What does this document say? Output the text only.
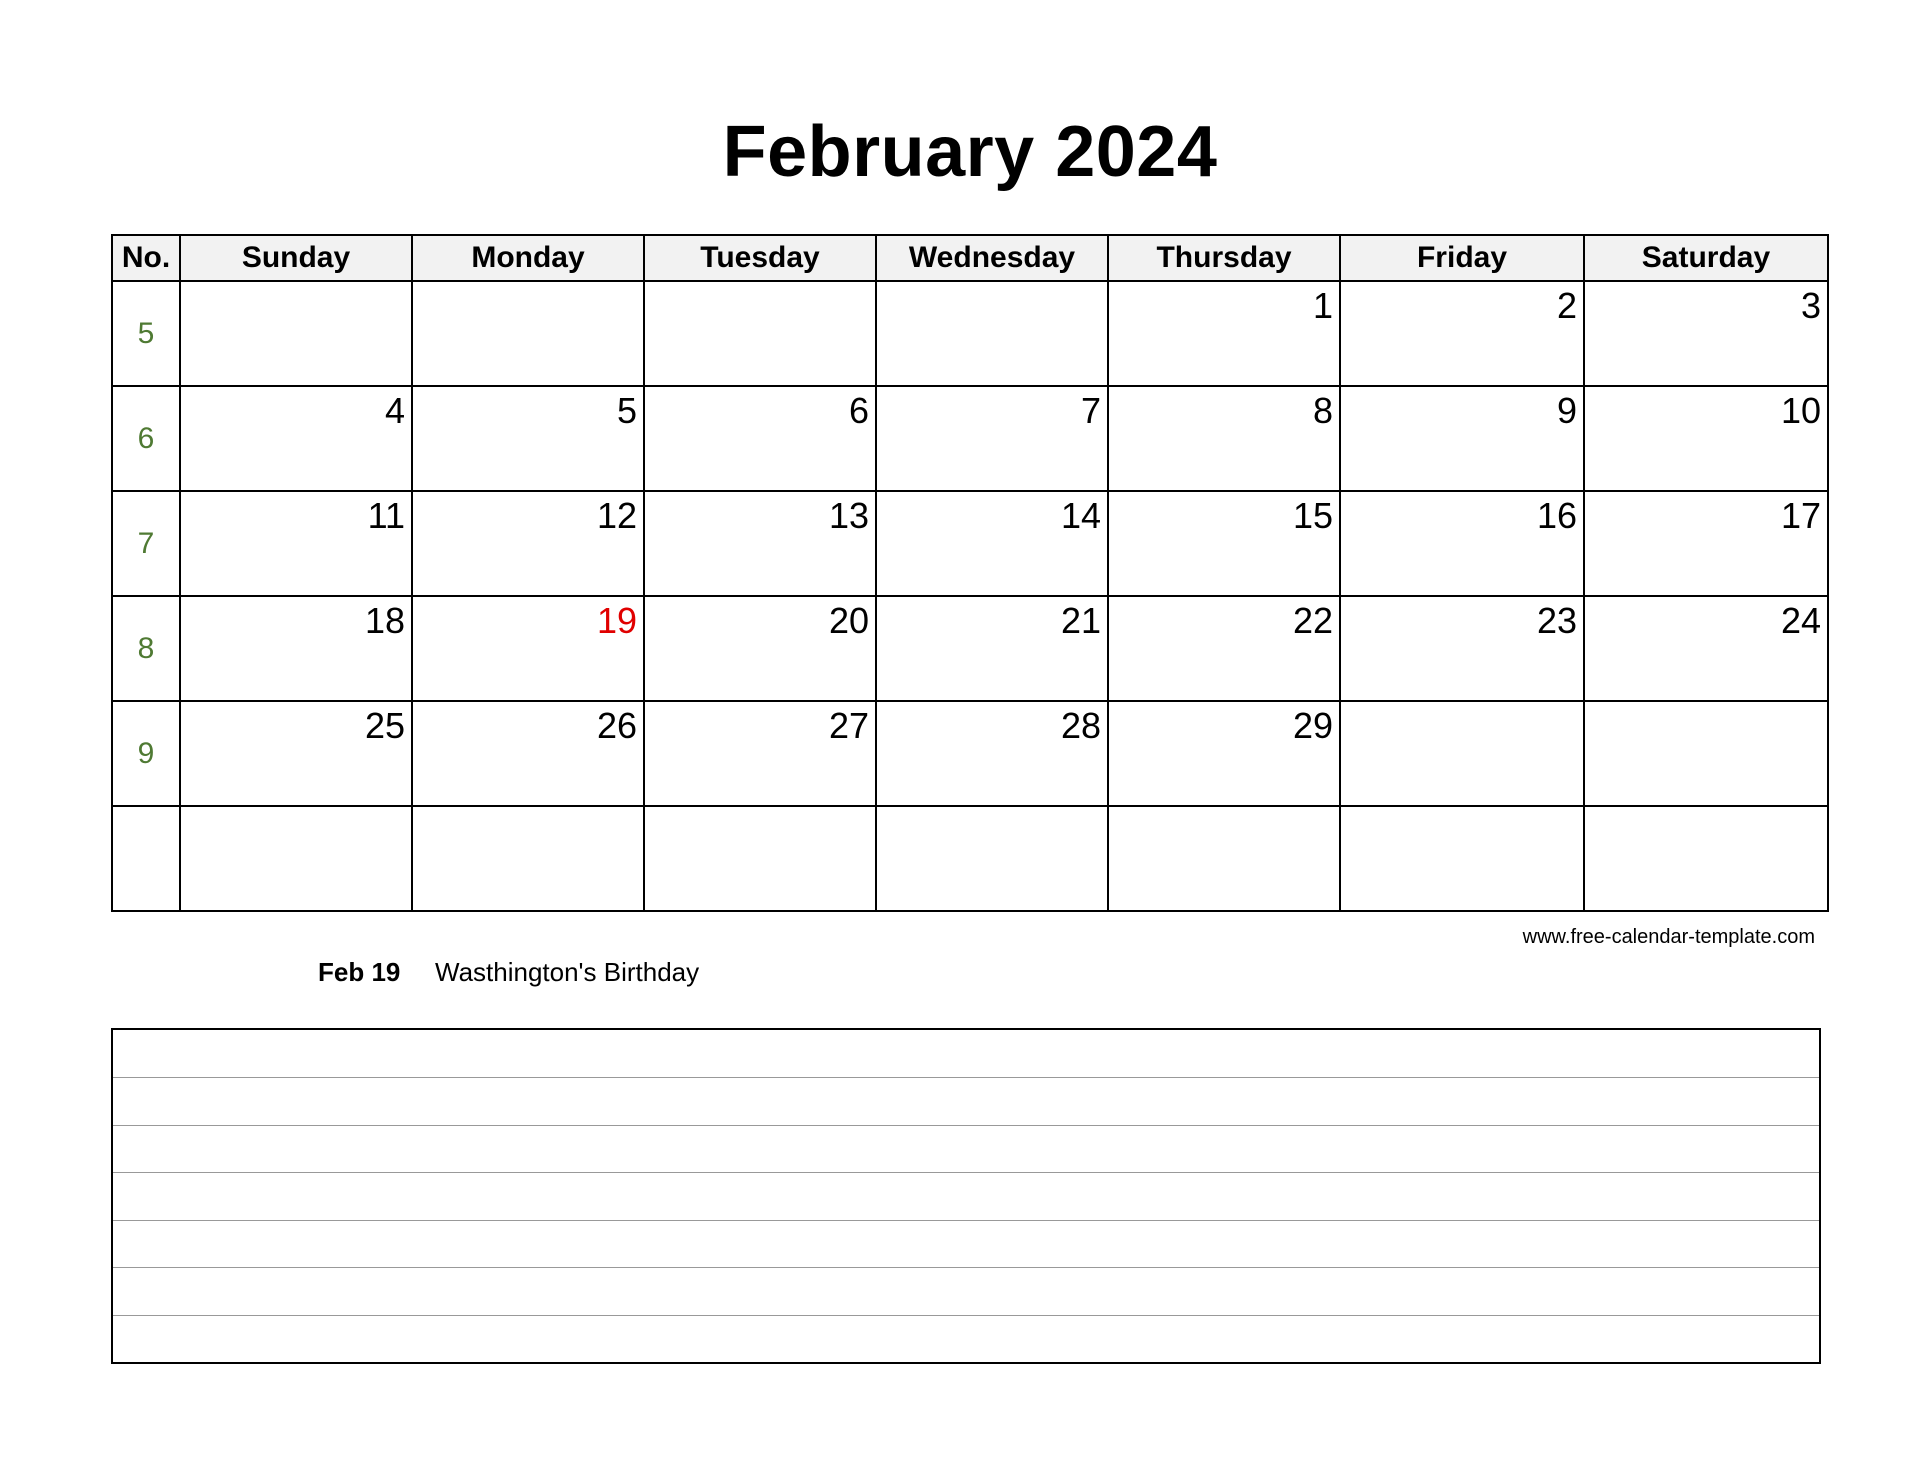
February 2024
No.	Sunday	Monday	Tuesday	Wednesday	Thursday	Friday	Saturday
5					1	2	3

6	4	5	6	7	8	9	10

7	11	12	13	14	15	16	17

8	18	19	20	21	22	23	24

9	25	26	27	28	29		

www.free-calendar-template.com
Feb 19	Wasthington's Birthday
